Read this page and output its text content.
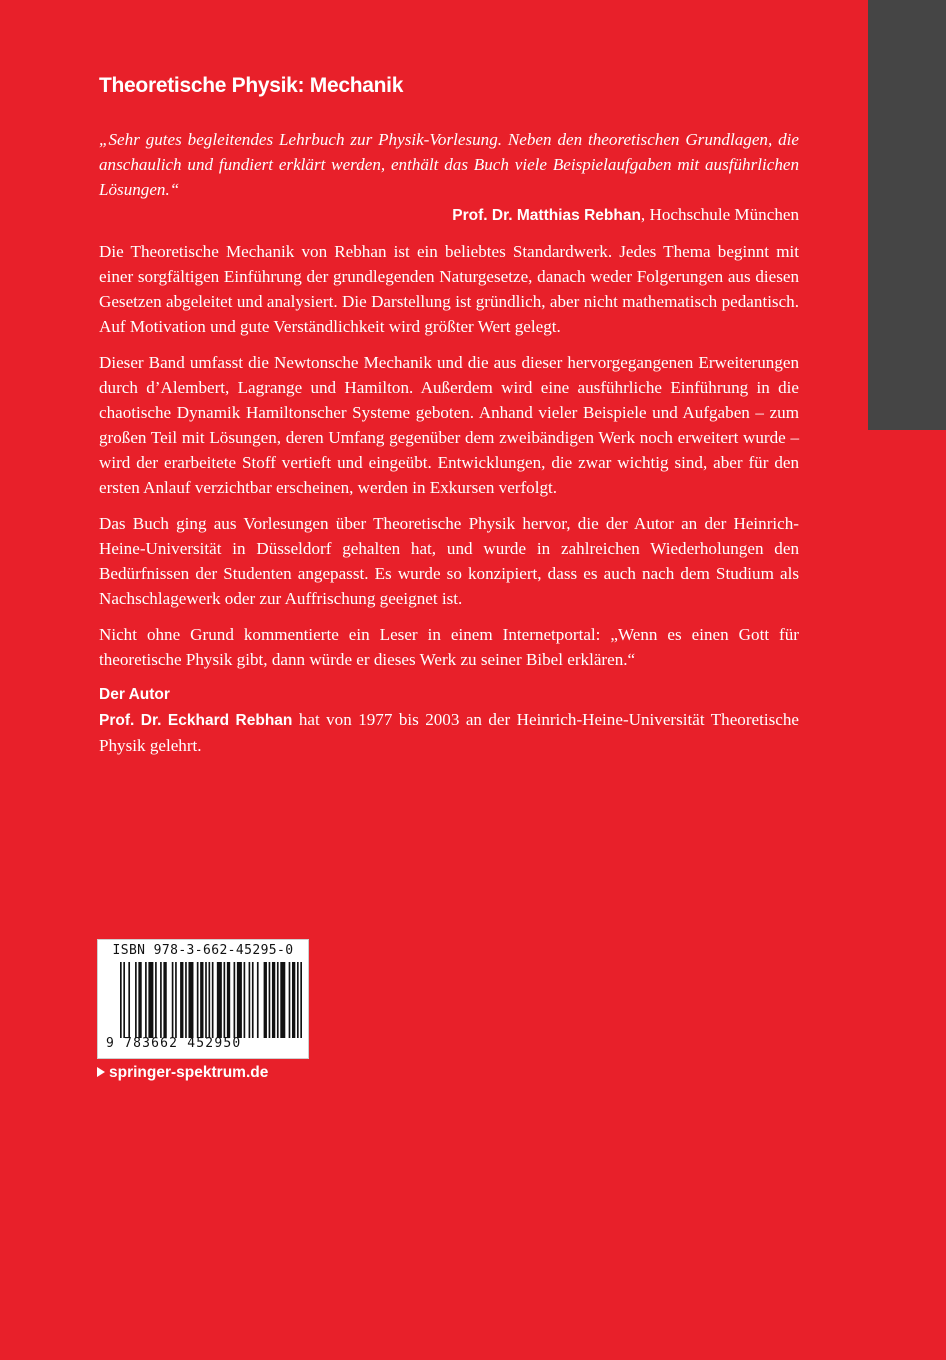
Theoretische Physik: Mechanik

„Sehr gutes begleitendes Lehrbuch zur Physik-Vorlesung. Neben den theoretischen Grundlagen, die anschaulich und fundiert erklärt werden, enthält das Buch viele Beispielaufgaben mit ausführlichen Lösungen.“

Prof. Dr. Matthias Rebhan, Hochschule München

Die Theoretische Mechanik von Rebhan ist ein beliebtes Standardwerk. Jedes Thema beginnt mit einer sorgfältigen Einführung der grundlegenden Naturgesetze, danach weder Folgerungen aus diesen Gesetzen abgeleitet und analysiert. Die Darstellung ist gründlich, aber nicht mathematisch pedantisch. Auf Motivation und gute Verständlichkeit wird größter Wert gelegt.

Dieser Band umfasst die Newtonsche Mechanik und die aus dieser hervorgegangenen Erweiterungen durch d’Alembert, Lagrange und Hamilton. Außerdem wird eine ausführliche Einführung in die chaotische Dynamik Hamiltonscher Systeme geboten. Anhand vieler Beispiele und Aufgaben – zum großen Teil mit Lösungen, deren Umfang gegenüber dem zweibändigen Werk noch erweitert wurde – wird der erarbeitete Stoff vertieft und eingeübt. Entwicklungen, die zwar wichtig sind, aber für den ersten Anlauf verzichtbar erscheinen, werden in Exkursen verfolgt.

Das Buch ging aus Vorlesungen über Theoretische Physik hervor, die der Autor an der Heinrich-Heine-Universität in Düsseldorf gehalten hat, und wurde in zahlreichen Wiederholungen den Bedürfnissen der Studenten angepasst. Es wurde so konzipiert, dass es auch nach dem Studium als Nachschlagewerk oder zur Auffrischung geeignet ist.

Nicht ohne Grund kommentierte ein Leser in einem Internetportal: „Wenn es einen Gott für theoretische Physik gibt, dann würde er dieses Werk zu seiner Bibel erklären.“

Der Autor
Prof. Dr. Eckhard Rebhan hat von 1977 bis 2003 an der Heinrich-Heine-Universität Theoretische Physik gelehrt.
ISBN 978-3-662-45295-0
9 783662 452950
springer-spektrum.de
